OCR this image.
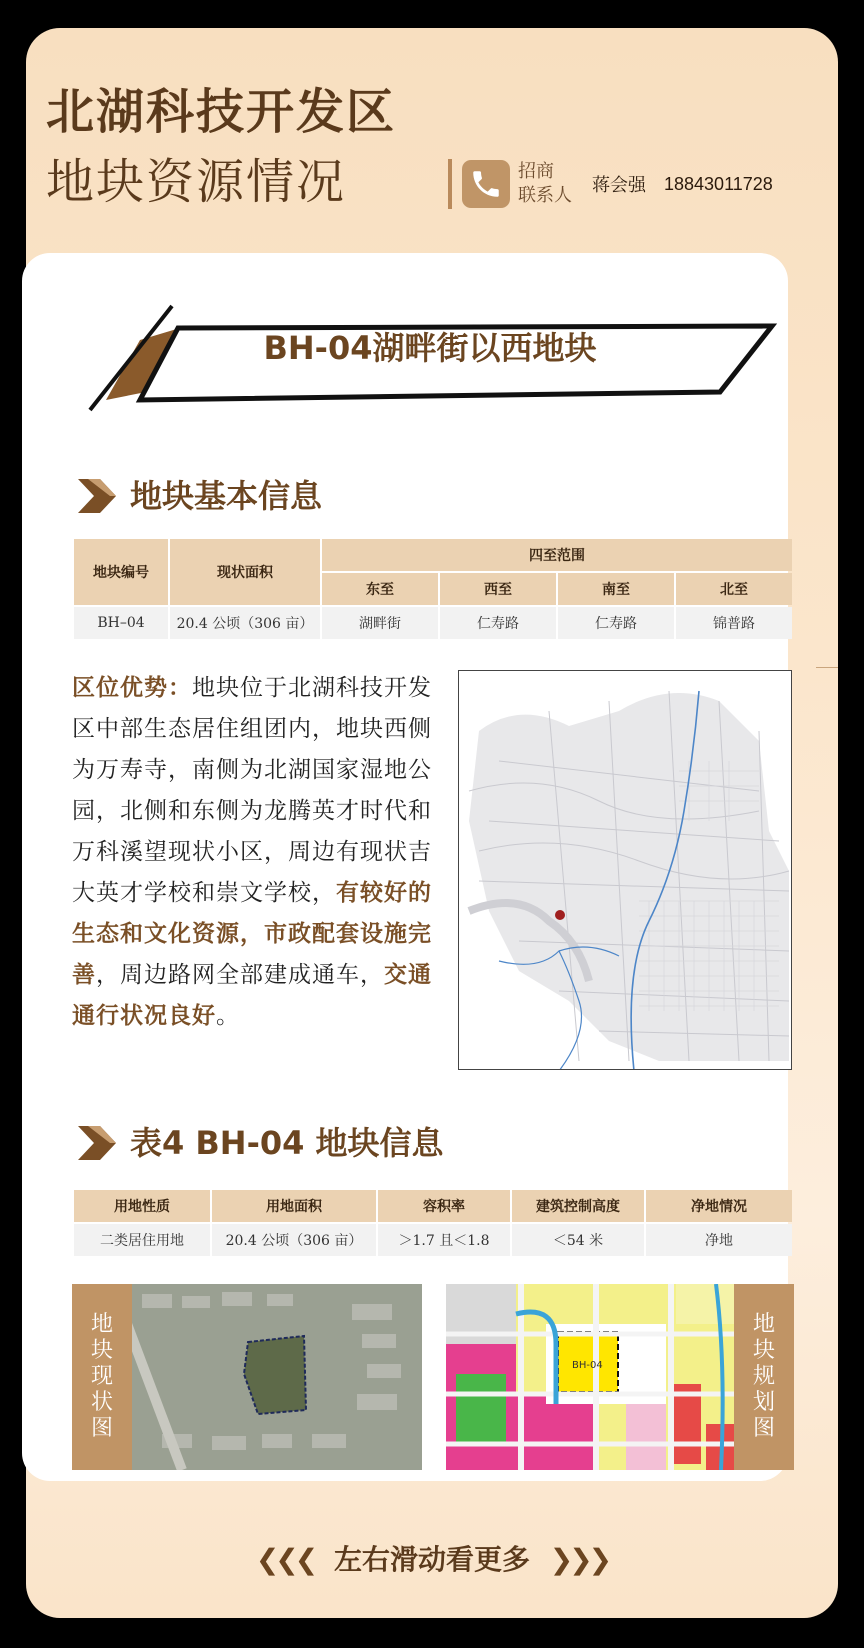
北湖科技开发区
地块资源情况	招商
联系人	蒋会强 18843011728
BH-04湖畔街以西地块
地块基本信息
地块编号	现状面积	四至范围			
		东至	西至	南至	北至
BH–04	20.4 公顷（306 亩）	湖畔街	仁寿路	仁寿路	锦普路
区位优势：地块位于北湖科技开发区中部生态居住组团内，地块西侧为万寿寺，南侧为北湖国家湿地公园，北侧和东侧为龙腾英才时代和万科溪望现状小区，周边有现状吉大英才学校和崇文学校，有较好的生态和文化资源，市政配套设施完善，周边路网全部建成通车，交通通行状况良好。
表4 BH-04 地块信息
用地性质	用地面积	容积率	建筑控制高度	净地情况
二类居住用地	20.4 公顷（306 亩）	＞1.7 且＜1.8	＜54 米	净地
地
块
现
状
图
BH-04
地
块
规
划
图
❮❮❮ 左右滑动看更多 ❯❯❯
